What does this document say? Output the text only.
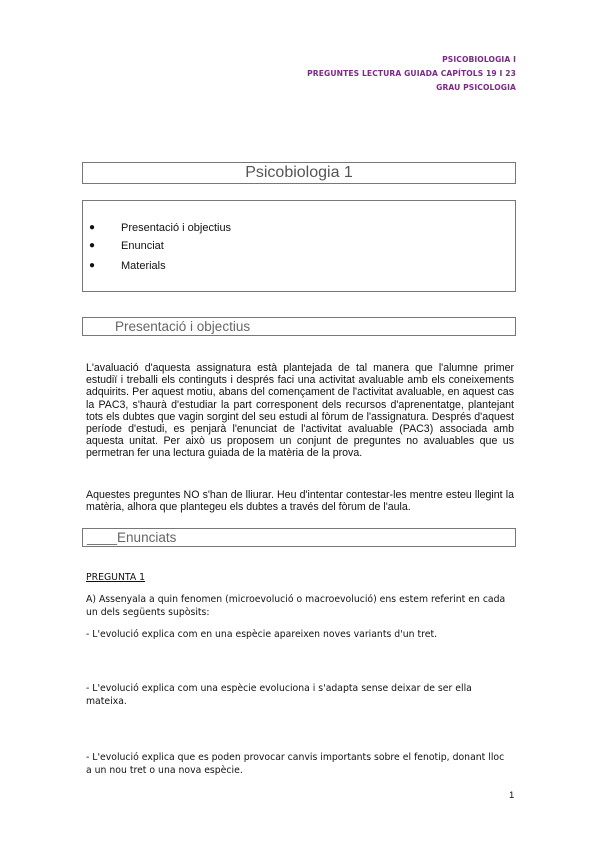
PSICOBIOLOGIA I
PREGUNTES LECTURA GUIADA CAPÍTOLS 19 I 23
GRAU PSICOLOGIA
Psicobiologia 1
● Presentació i objectius
● Enunciat
● Materials
Presentació i objectius
L'avaluació d'aquesta assignatura està plantejada de tal manera que l'alumne primer estudiï i treballi els continguts i després faci una activitat avaluable amb els coneixements adquirits. Per aquest motiu, abans del començament de l'activitat avaluable, en aquest cas la PAC3, s'haurà d'estudiar la part corresponent dels recursos d'aprenentatge, plantejant tots els dubtes que vagin sorgint del seu estudi al fòrum de l'assignatura. Després d'aquest període d'estudi, es penjarà l'enunciat de l'activitat avaluable (PAC3) associada amb aquesta unitat. Per això us proposem un conjunt de preguntes no avaluables que us permetran fer una lectura guiada de la matèria de la prova.
Aquestes preguntes NO s'han de lliurar. Heu d'intentar contestar-les mentre esteu llegint la matèria, alhora que plantegeu els dubtes a través del fòrum de l'aula.
____Enunciats
PREGUNTA 1
A) Assenyala a quin fenomen (microevolució o macroevolució) ens estem referint en cada un dels següents supòsits:
- L'evolució explica com en una espècie apareixen noves variants d'un tret.
- L'evolució explica com una espècie evoluciona i s'adapta sense deixar de ser ella mateixa.
- L'evolució explica que es poden provocar canvis importants sobre el fenotip, donant lloc a un nou tret o una nova espècie.
1
